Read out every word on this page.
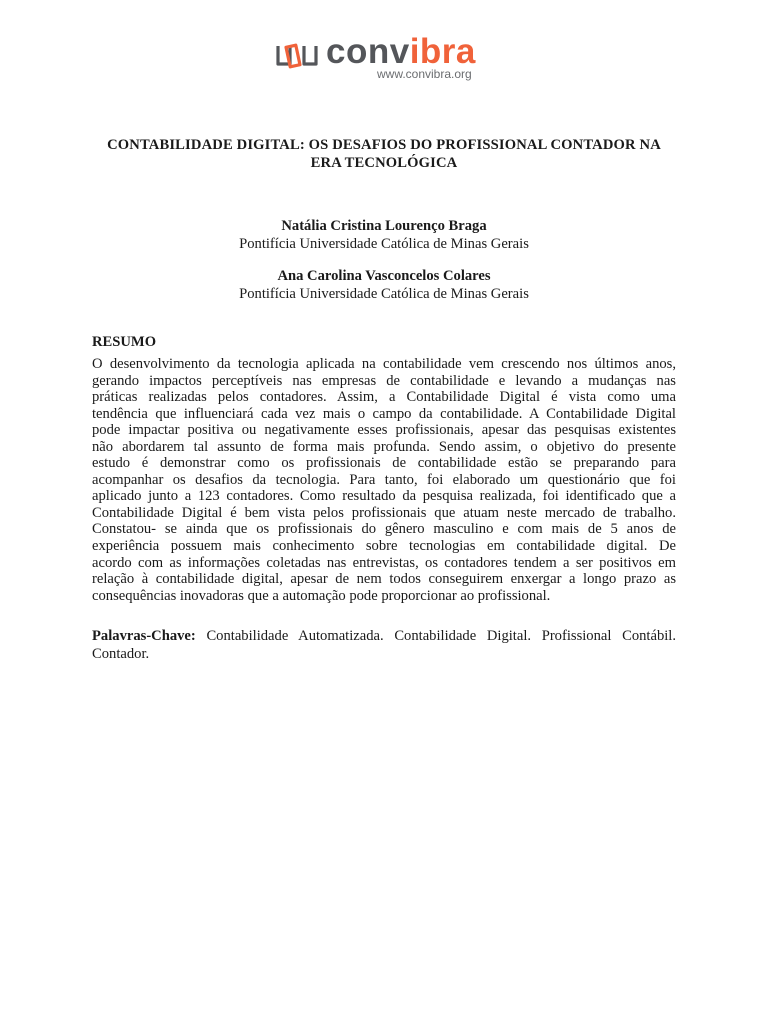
convibra
www.convibra.org
CONTABILIDADE DIGITAL: OS DESAFIOS DO PROFISSIONAL CONTADOR NA
ERA TECNOLÓGICA
Natália Cristina Lourenço Braga
Pontifícia Universidade Católica de Minas Gerais
Ana Carolina Vasconcelos Colares
Pontifícia Universidade Católica de Minas Gerais
RESUMO
O desenvolvimento da tecnologia aplicada na contabilidade vem crescendo nos últimos anos,
gerando impactos perceptíveis nas empresas de contabilidade e levando a mudanças nas
práticas realizadas pelos contadores. Assim, a Contabilidade Digital é vista como uma
tendência que influenciará cada vez mais o campo da contabilidade. A Contabilidade Digital
pode impactar positiva ou negativamente esses profissionais, apesar das pesquisas existentes
não abordarem tal assunto de forma mais profunda. Sendo assim, o objetivo do presente
estudo é demonstrar como os profissionais de contabilidade estão se preparando para
acompanhar os desafios da tecnologia. Para tanto, foi elaborado um questionário que foi
aplicado junto a 123 contadores. Como resultado da pesquisa realizada, foi identificado que a
Contabilidade Digital é bem vista pelos profissionais que atuam neste mercado de trabalho.
Constatou- se ainda que os profissionais do gênero masculino e com mais de 5 anos de
experiência possuem mais conhecimento sobre tecnologias em contabilidade digital. De
acordo com as informações coletadas nas entrevistas, os contadores tendem a ser positivos em
relação à contabilidade digital, apesar de nem todos conseguirem enxergar a longo prazo as
consequências inovadoras que a automação pode proporcionar ao profissional.
Palavras-Chave: Contabilidade Automatizada. Contabilidade Digital. Profissional Contábil.
Contador.
